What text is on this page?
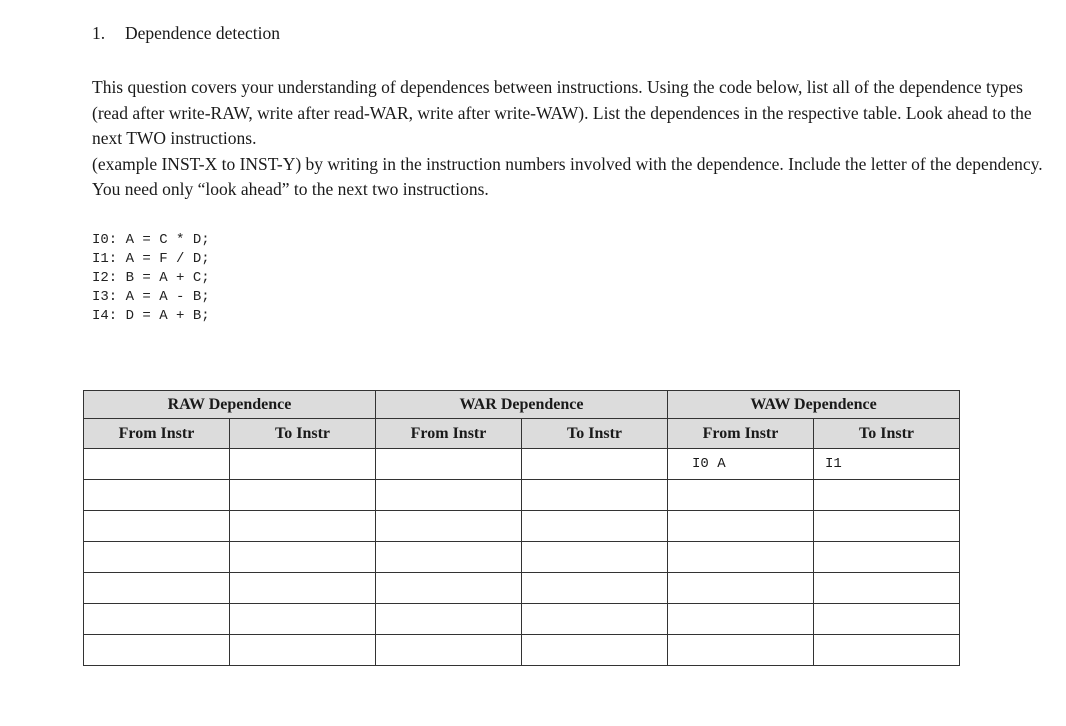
1. Dependence detection

This question covers your understanding of dependences between instructions. Using the code below, list all of the dependence types (read after write-RAW, write after read-WAR, write after write-WAW). List the dependences in the respective table. Look ahead to the next TWO instructions.

(example INST-X to INST-Y) by writing in the instruction numbers involved with the dependence. Include the letter of the dependency. You need only “look ahead” to the next two instructions.

I0: A = C * D;
I1: A = F / D;
I2: B = A + C;
I3: A = A - B;
I4: D = A + B;
RAW Dependence		WAR Dependence		WAW Dependence	
From Instr	To Instr	From Instr	To Instr	From Instr	To Instr
				I0 A	I1
